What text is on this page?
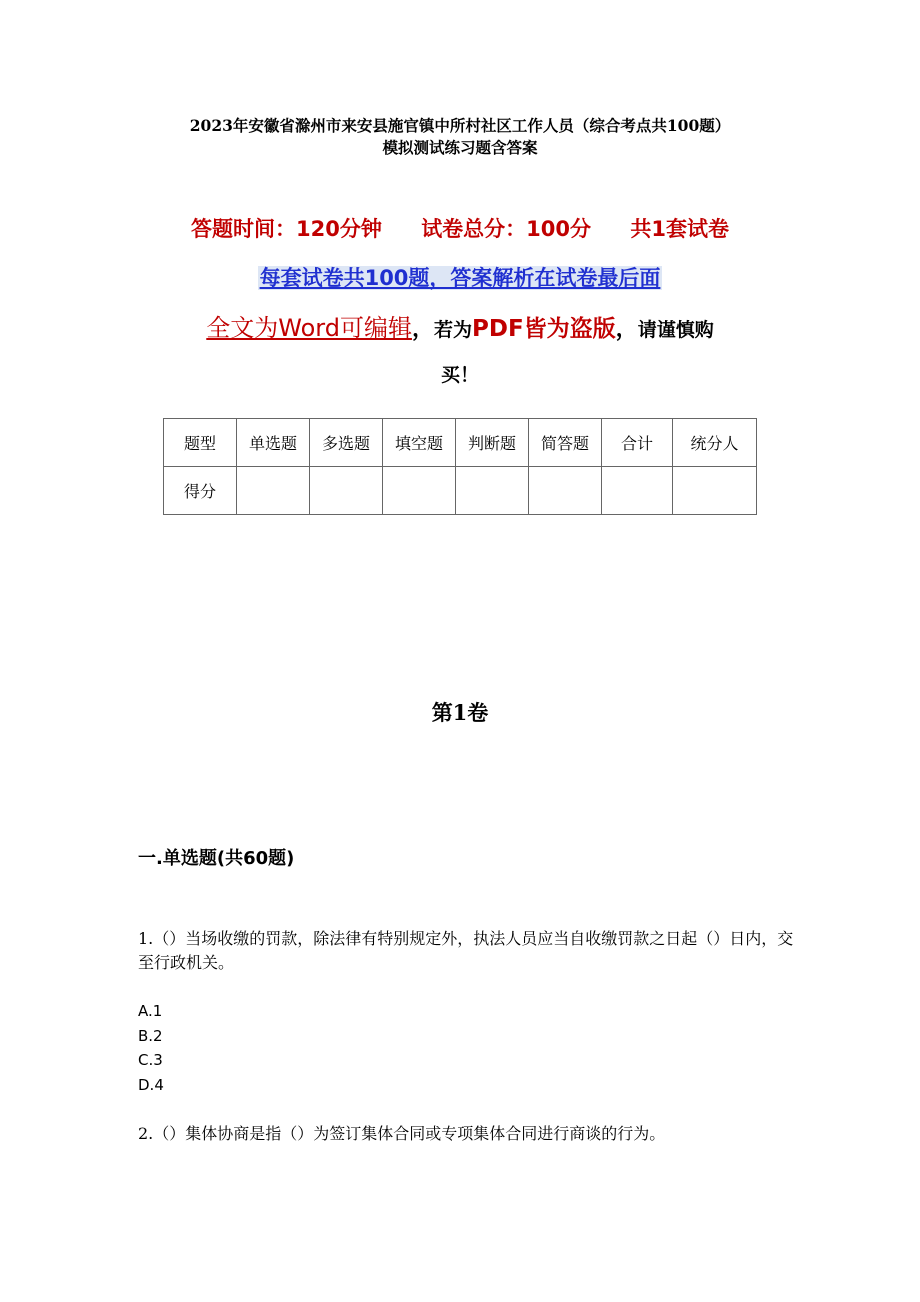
2023年安徽省滁州市来安县施官镇中所村社区工作人员（综合考点共100题）
模拟测试练习题含答案
答题时间：120分钟 试卷总分：100分 共1套试卷
每套试卷共100题，答案解析在试卷最后面
全文为Word可编辑，若为PDF皆为盗版，请谨慎购
买！
题型	单选题	多选题	填空题	判断题	简答题	合计	统分人
得分							
第1卷
一.单选题(共60题)
1.（）当场收缴的罚款，除法律有特别规定外，执法人员应当自收缴罚款之日起（）日内，交至行政机关。
A.1
B.2
C.3
D.4
2.（）集体协商是指（）为签订集体合同或专项集体合同进行商谈的行为。
